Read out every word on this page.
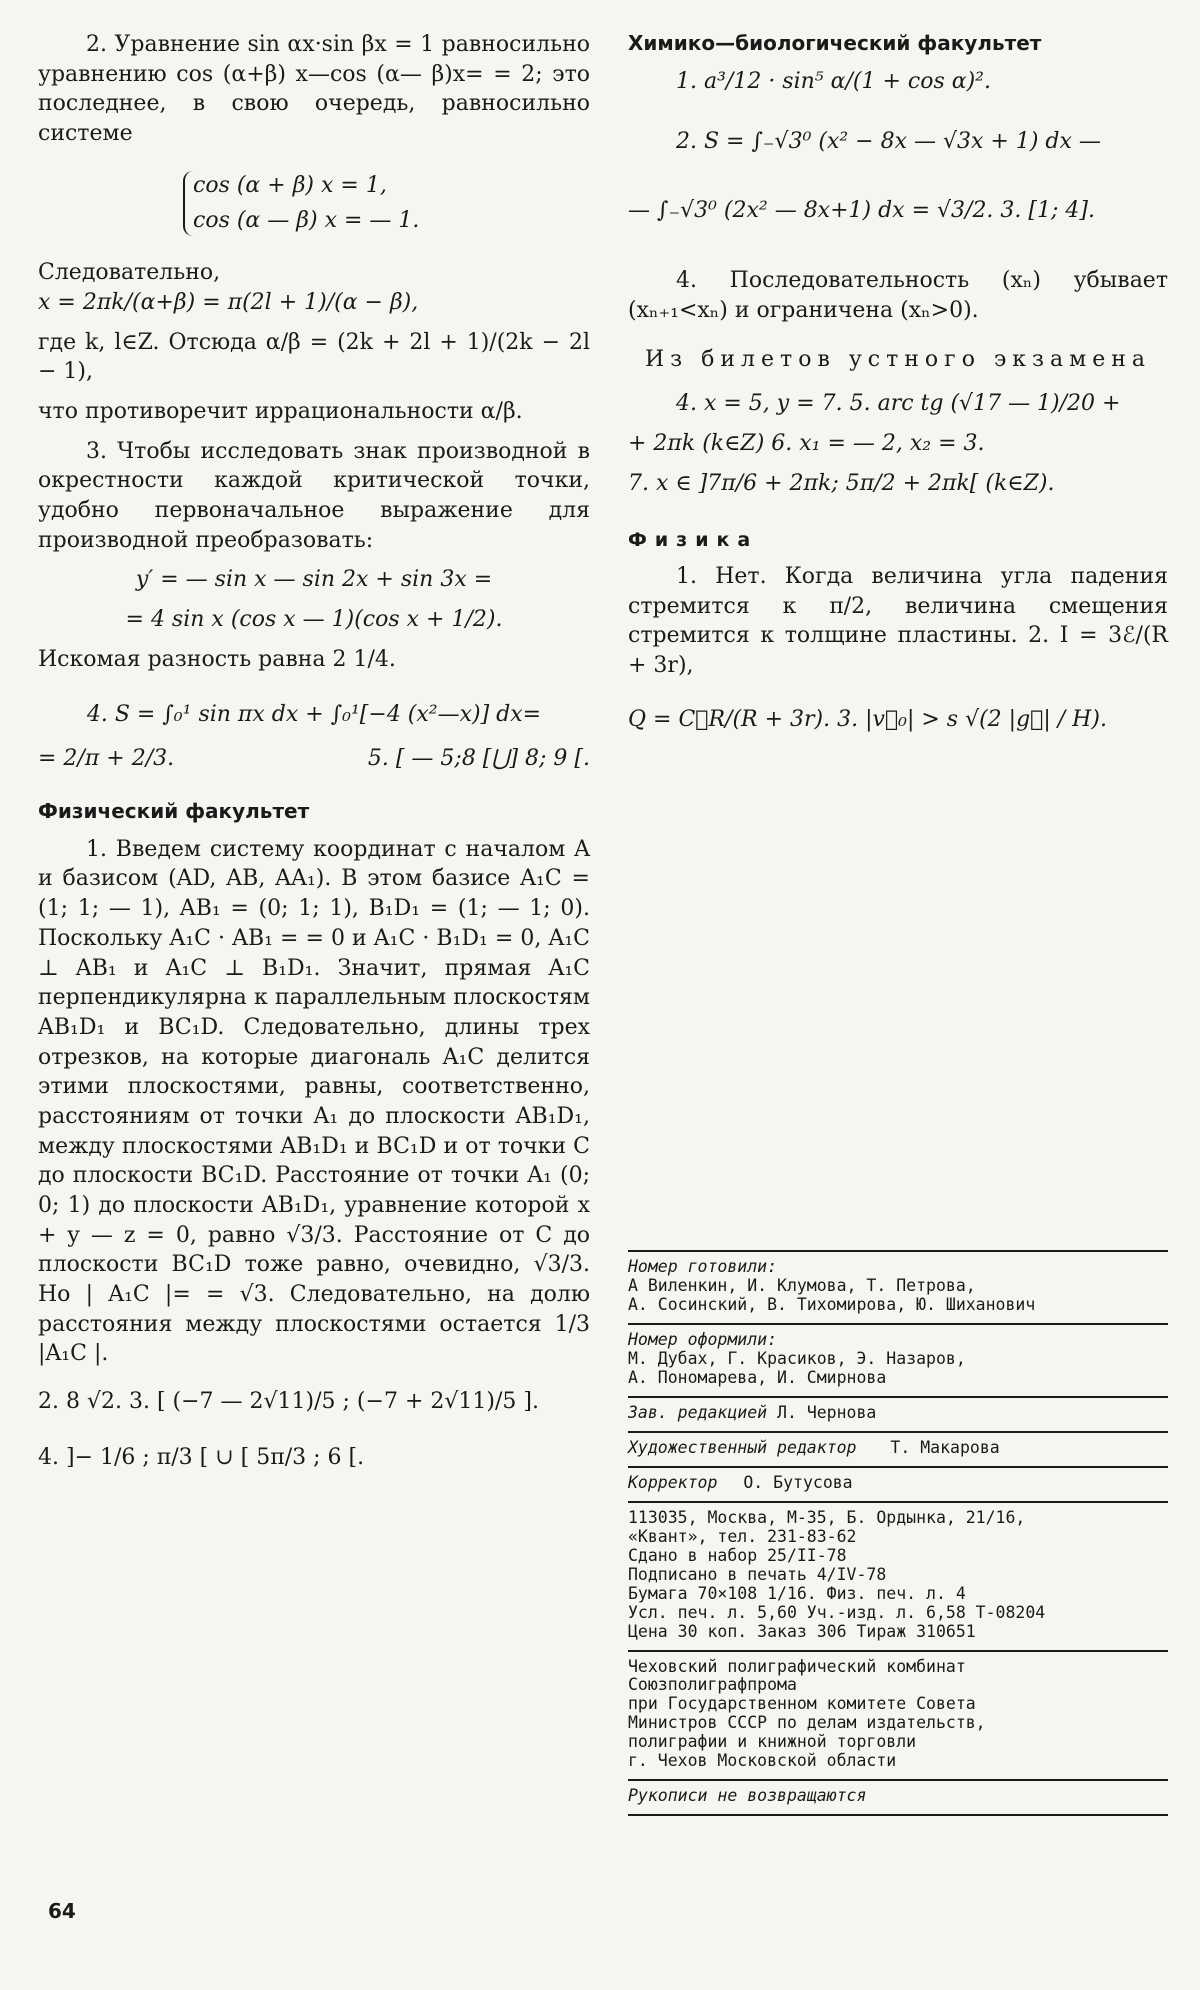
2. Уравнение sin αx·sin βx = 1 равносильно уравнению cos (α+β) x—cos (α— β)x= = 2; это последнее, в свою очередь, равносильно системе

cos (α + β) x = 1,
cos (α — β) x = — 1.

Следовательно, x = 2πk/(α+β) = π(2l + 1)/(α − β),

где k, l∈Z. Отсюда α/β = (2k + 2l + 1)/(2k − 2l − 1),

что противоречит иррациональности α/β.

3. Чтобы исследовать знак производной в окрестности каждой критической точки, удобно первоначальное выражение для производной преобразовать:

y′ = — sin x — sin 2x + sin 3x =
= 4 sin x (cos x — 1)(cos x + 1/2).

Искомая разность равна 2 1/4.

4. S = ∫₀¹ sin πx dx + ∫₀¹[−4 (x²—x)] dx=
= 2/π + 2/3.	5. [ — 5;8 [⋃] 8; 9 [.
Физический факультет

1. Введем систему координат с началом A и базисом (AD, AB, AA₁). В этом базисе A₁C = (1; 1; — 1), AB₁ = (0; 1; 1), B₁D₁ = (1; — 1; 0). Поскольку A₁C · AB₁ = = 0 и A₁C · B₁D₁ = 0, A₁C ⊥ AB₁ и A₁C ⊥ B₁D₁. Значит, прямая A₁C перпендикулярна к параллельным плоскостям AB₁D₁ и BC₁D. Следовательно, длины трех отрезков, на которые диагональ A₁C делится этими плоскостями, равны, соответственно, расстояниям от точки A₁ до плоскости AB₁D₁, между плоскостями AB₁D₁ и BC₁D и от точки C до плоскости BC₁D. Расстояние от точки A₁ (0; 0; 1) до плоскости AB₁D₁, уравнение которой x + y — z = 0, равно √3/3. Расстояние от C до плоскости BC₁D тоже равно, очевидно, √3/3. Но | A₁C |= = √3. Следовательно, на долю расстояния между плоскостями остается 1/3 |A₁C |.

2. 8 √2. 3. [ (−7 — 2√11)/5 ; (−7 + 2√11)/5 ].

4. ]− 1/6 ; π/3 [ ∪ [ 5π/3 ; 6 [.

Химико—биологический факультет
1. a³/12 · sin⁵ α/(1 + cos α)².
2. S = ∫₋√3⁰ (x² − 8x — √3x + 1) dx —
— ∫₋√3⁰ (2x² — 8x+1) dx = √3/2. 3. [1; 4].

4. Последовательность (xₙ) убывает (xₙ₊₁<xₙ) и ограничена (xₙ>0).

Из билетов устного экзамена
4. x = 5, y = 7. 5. arc tg (√17 — 1)/20 +
+ 2πk (k∈Z) 6. x₁ = — 2, x₂ = 3.
7. x ∈ ]7π/6 + 2πk; 5π/2 + 2πk[ (k∈Z).
Физика

1. Нет. Когда величина угла падения стремится к π/2, величина смещения стремится к толщине пластины. 2. I = 3ℰ/(R + 3r),

Q = CℰR/(R + 3r). 3. |v⃗₀| > s √(2 |g⃗| / H).
Номер готовили:
А Виленкин, И. Клумова, Т. Петрова,
А. Сосинский, В. Тихомирова, Ю. Шиханович
Номер оформили:
М. Дубах, Г. Красиков, Э. Назаров,
А. Пономарева, И. Смирнова
Зав. редакцией Л. Чернова
Художественный редактор Т. Макарова
Корректор О. Бутусова
113035, Москва, М-35, Б. Ордынка, 21/16,
«Квант», тел. 231-83-62
Сдано в набор 25/II-78
Подписано в печать 4/IV-78
Бумага 70×108 1/16. Физ. печ. л. 4
Усл. печ. л. 5,60 Уч.-изд. л. 6,58 Т-08204
Цена 30 коп. Заказ 306 Тираж 310651
Чеховский полиграфический комбинат
Союзполиграфпрома
при Государственном комитете Совета
Министров СССР по делам издательств,
полиграфии и книжной торговли
г. Чехов Московской области
Рукописи не возвращаются
64
